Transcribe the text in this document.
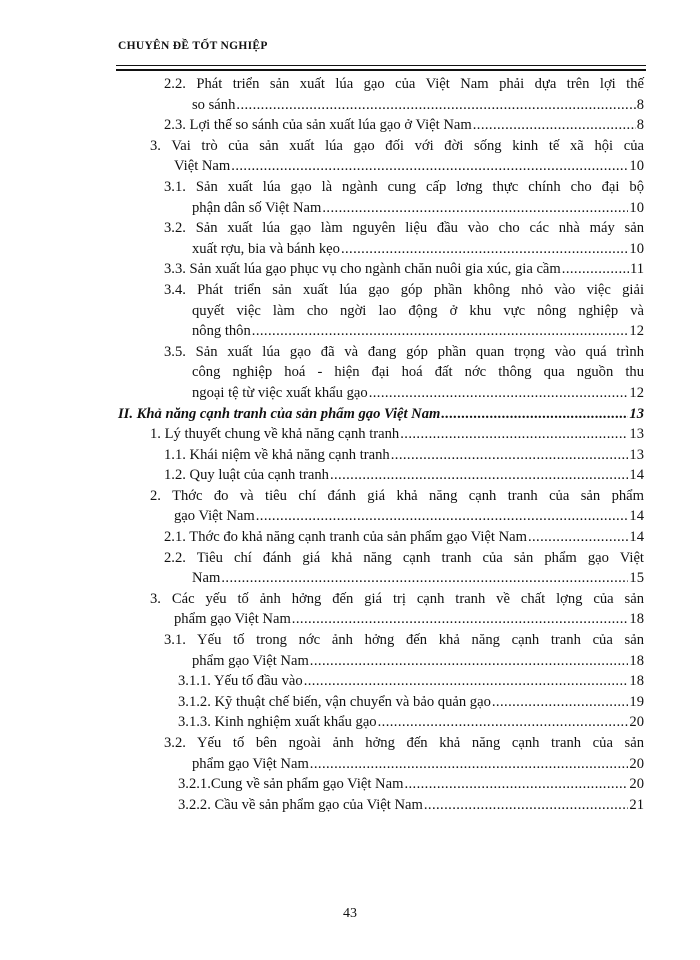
CHUYÊN ĐỀ TỐT NGHIỆP
2.2. Phát triển sản xuất lúa gạo của Việt Nam phải dựa trên lợi thế
so sánh .....	8
2.3. Lợi thế so sánh của sản xuất lúa gạo ở Việt Nam .....	8
3. Vai trò của sản xuất lúa gạo đối với đời sống kinh tế xã hội của
Việt Nam .....	10
3.1. Sản xuất lúa gạo là ngành cung cấp lơng thực chính cho đại bộ
phận dân số Việt Nam .....	10
3.2. Sản xuất lúa gạo làm nguyên liệu đầu vào cho các nhà máy sản
xuất rợu, bia và bánh kẹo .....	10
3.3. Sản xuất lúa gạo phục vụ cho ngành chăn nuôi gia xúc, gia cầm .....	11
3.4. Phát triển sản xuất lúa gạo góp phần không nhỏ vào việc giải
quyết việc làm cho ngời lao động ở khu vực nông nghiệp và
nông thôn .....	12
3.5. Sản xuất lúa gạo đã và đang góp phần quan trọng vào quá trình
công nghiệp hoá - hiện đại hoá đất nớc thông qua nguồn thu
ngoại tệ từ việc xuất khẩu gạo .....	12
II. Khả năng cạnh tranh của sản phẩm gạo Việt Nam .....	13
1. Lý thuyết chung về khả năng cạnh tranh .....	13
1.1. Khái niệm về khả năng cạnh tranh .....	13
1.2. Quy luật của cạnh tranh .....	14
2. Thớc đo và tiêu chí đánh giá khả năng cạnh tranh của sản phẩm
gạo Việt Nam .....	14
2.1. Thớc đo khả năng cạnh tranh của sản phẩm gạo Việt Nam .....	14
2.2. Tiêu chí đánh giá khả năng cạnh tranh của sản phẩm gạo Việt
Nam .....	15
3. Các yếu tố ảnh hởng đến giá trị cạnh tranh về chất lợng của sản
phẩm gạo Việt Nam .....	18
3.1. Yếu tố trong nớc ảnh hởng đến khả năng cạnh tranh của sản
phẩm gạo Việt Nam .....	18
3.1.1. Yếu tố đầu vào .....	18
3.1.2. Kỹ thuật chế biến, vận chuyển và bảo quản gạo .....	19
3.1.3. Kinh nghiệm xuất khẩu gạo .....	20
3.2. Yếu tố bên ngoài ảnh hởng đến khả năng cạnh tranh của sản
phẩm gạo Việt Nam .....	20
3.2.1.Cung về sản phẩm gạo Việt Nam .....	20
3.2.2. Cầu về sản phẩm gạo của Việt Nam .....	21
43
